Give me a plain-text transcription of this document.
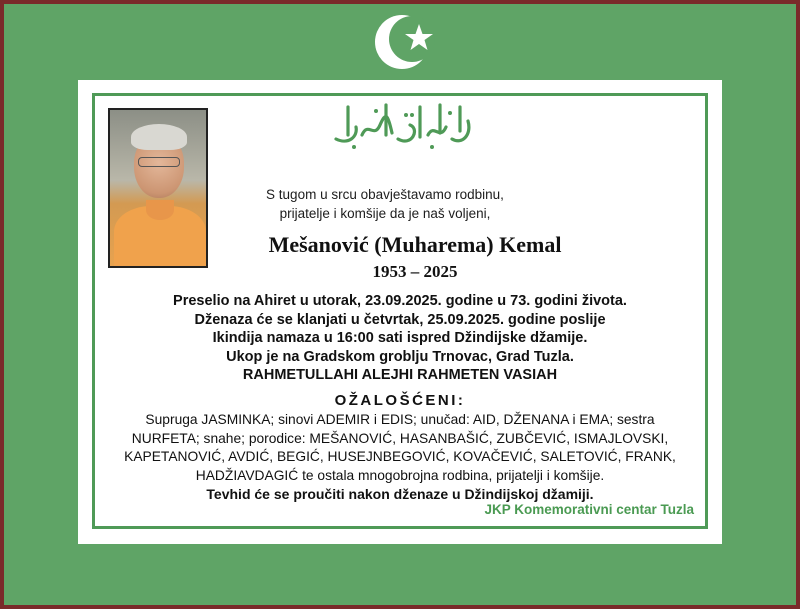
إنا لله وإنا إليه راجعون
S tugom u srcu obavještavamo rodbinu,
prijatelje i komšije da je naš voljeni,
Mešanović (Muharema) Kemal
1953 – 2025
Preselio na Ahiret u utorak, 23.09.2025. godine u 73. godini života.
Dženaza će se klanjati u četvrtak, 25.09.2025. godine poslije
Ikindija namaza u 16:00 sati ispred Džindijske džamije.
Ukop je na Gradskom groblju Trnovac, Grad Tuzla.
RAHMETULLAHI ALEJHI RAHMETEN VASIAH
OŽALOŠĆENI:
Supruga JASMINKA; sinovi ADEMIR i EDIS; unučad: AID, DŽENANA i EMA; sestra
NURFETA; snahe; porodice: MEŠANOVIĆ, HASANBAŠIĆ, ZUBČEVIĆ, ISMAJLOVSKI,
KAPETANOVIĆ, AVDIĆ, BEGIĆ, HUSEJNBEGOVIĆ, KOVAČEVIĆ, SALETOVIĆ, FRANK,
HADŽIAVDAGIĆ te ostala mnogobrojna rodbina, prijatelji i komšije.
Tevhid će se proučiti nakon dženaze u Džindijskoj džamiji.
JKP Komemorativni centar Tuzla
